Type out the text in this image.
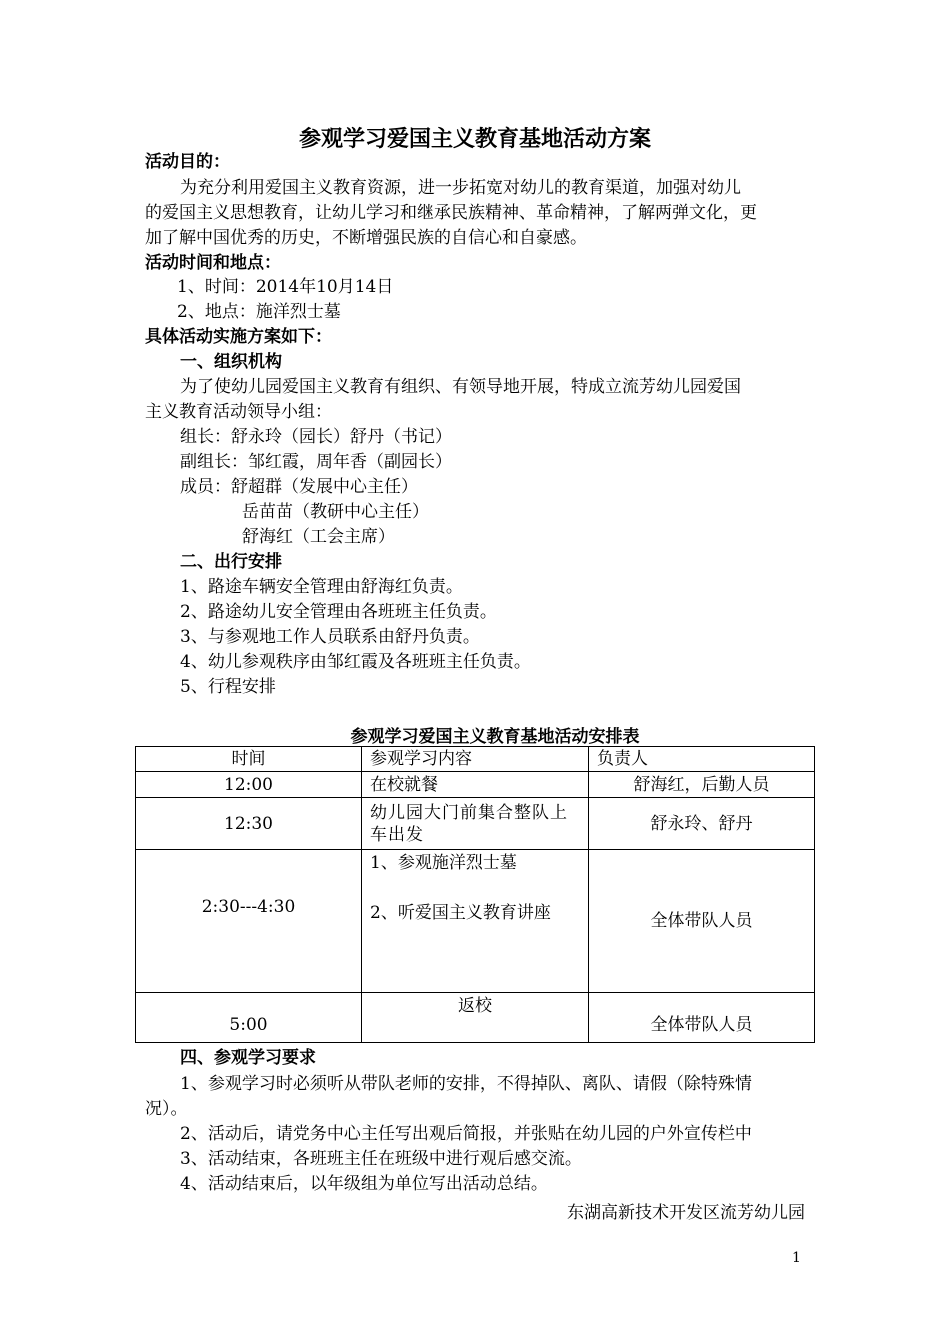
参观学习爱国主义教育基地活动方案
活动目的：
为充分利用爱国主义教育资源，进一步拓宽对幼儿的教育渠道，加强对幼儿
的爱国主义思想教育，让幼儿学习和继承民族精神、革命精神，了解两弹文化，更
加了解中国优秀的历史，不断增强民族的自信心和自豪感。
活动时间和地点：
1、时间：2014年10月14日
2、地点：施洋烈士墓
具体活动实施方案如下：
一、组织机构
为了使幼儿园爱国主义教育有组织、有领导地开展，特成立流芳幼儿园爱国
主义教育活动领导小组：
组长：舒永玲（园长）舒丹（书记）
副组长：邹红霞，周年香（副园长）
成员：舒超群（发展中心主任）
岳苗苗（教研中心主任）
舒海红（工会主席）
二、出行安排
1、路途车辆安全管理由舒海红负责。
2、路途幼儿安全管理由各班班主任负责。
3、与参观地工作人员联系由舒丹负责。
4、幼儿参观秩序由邹红霞及各班班主任负责。
5、行程安排
参观学习爱国主义教育基地活动安排表
时间	参观学习内容	负责人
12:00	在校就餐	舒海红，后勤人员
12:30	幼儿园大门前集合整队上车出发	舒永玲、舒丹
2:30---4:30	1、参观施洋烈士墓
2、听爱国主义教育讲座	全体带队人员
5:00	返校	全体带队人员
四、参观学习要求
1、参观学习时必须听从带队老师的安排，不得掉队、离队、请假（除特殊情
况）。
2、活动后，请党务中心主任写出观后简报，并张贴在幼儿园的户外宣传栏中
3、活动结束，各班班主任在班级中进行观后感交流。
4、活动结束后，以年级组为单位写出活动总结。
东湖高新技术开发区流芳幼儿园
1
